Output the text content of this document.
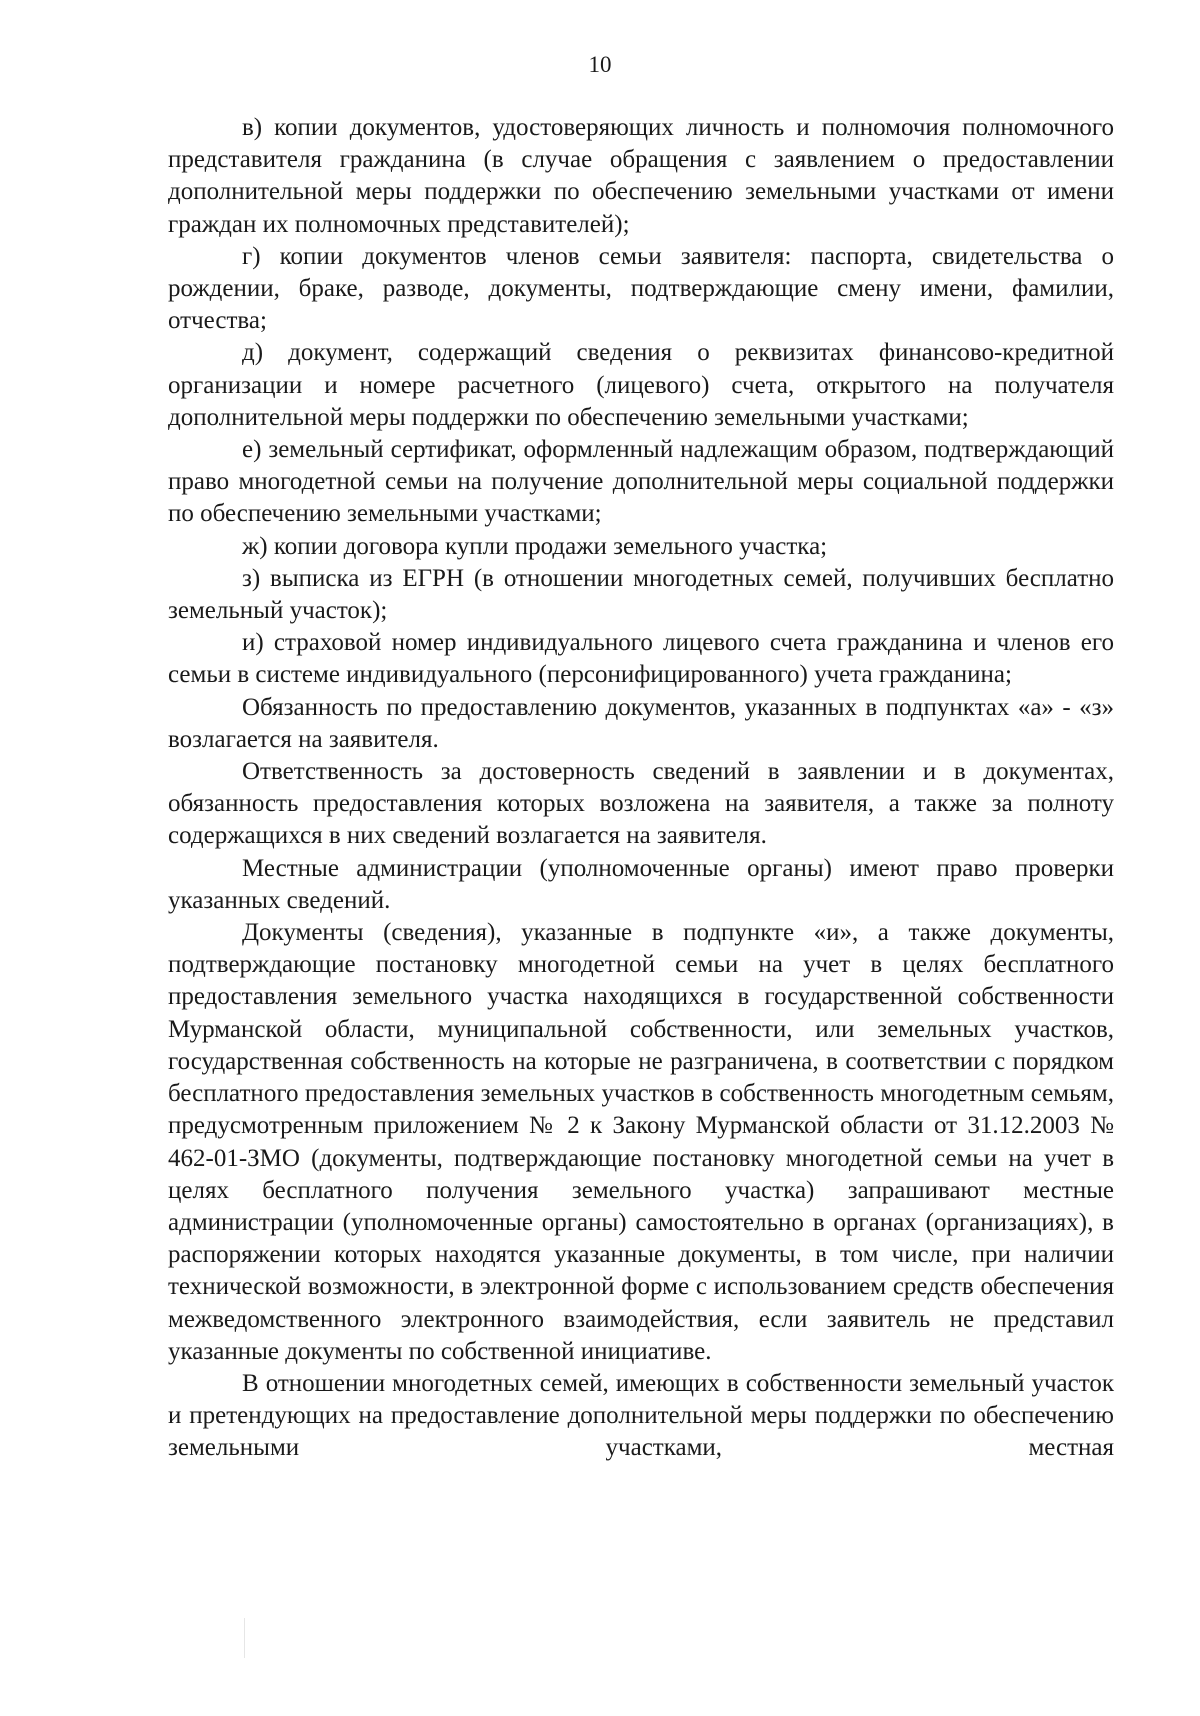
10

в) копии документов, удостоверяющих личность и полномочия полномочного представителя гражданина (в случае обращения с заявлением о предоставлении дополнительной меры поддержки по обеспечению земельными участками от имени граждан их полномочных представителей);

г) копии документов членов семьи заявителя: паспорта, свидетельства о рождении, браке, разводе, документы, подтверждающие смену имени, фамилии, отчества;

д) документ, содержащий сведения о реквизитах финансово-кредитной организации и номере расчетного (лицевого) счета, открытого на получателя дополнительной меры поддержки по обеспечению земельными участками;

е) земельный сертификат, оформленный надлежащим образом, подтверждающий право многодетной семьи на получение дополнительной меры социальной поддержки по обеспечению земельными участками;

ж) копии договора купли продажи земельного участка;

з) выписка из ЕГРН (в отношении многодетных семей, получивших бесплатно земельный участок);

и) страховой номер индивидуального лицевого счета гражданина и членов его семьи в системе индивидуального (персонифицированного) учета гражданина;

Обязанность по предоставлению документов, указанных в подпунктах «а» - «з» возлагается на заявителя.

Ответственность за достоверность сведений в заявлении и в документах, обязанность предоставления которых возложена на заявителя, а также за полноту содержащихся в них сведений возлагается на заявителя.

Местные администрации (уполномоченные органы) имеют право проверки указанных сведений.

Документы (сведения), указанные в подпункте «и», а также документы, подтверждающие постановку многодетной семьи на учет в целях бесплатного предоставления земельного участка находящихся в государственной собственности Мурманской области, муниципальной собственности, или земельных участков, государственная собственность на которые не разграничена, в соответствии с порядком бесплатного предоставления земельных участков в собственность многодетным семьям, предусмотренным приложением № 2 к Закону Мурманской области от 31.12.2003 № 462-01-ЗМО (документы, подтверждающие постановку многодетной семьи на учет в целях бесплатного получения земельного участка) запрашивают местные администрации (уполномоченные органы) самостоятельно в органах (организациях), в распоряжении которых находятся указанные документы, в том числе, при наличии технической возможности, в электронной форме с использованием средств обеспечения межведомственного электронного взаимодействия, если заявитель не представил указанные документы по собственной инициативе.

В отношении многодетных семей, имеющих в собственности земельный участок и претендующих на предоставление дополнительной меры поддержки по обеспечению земельными участками, местная
